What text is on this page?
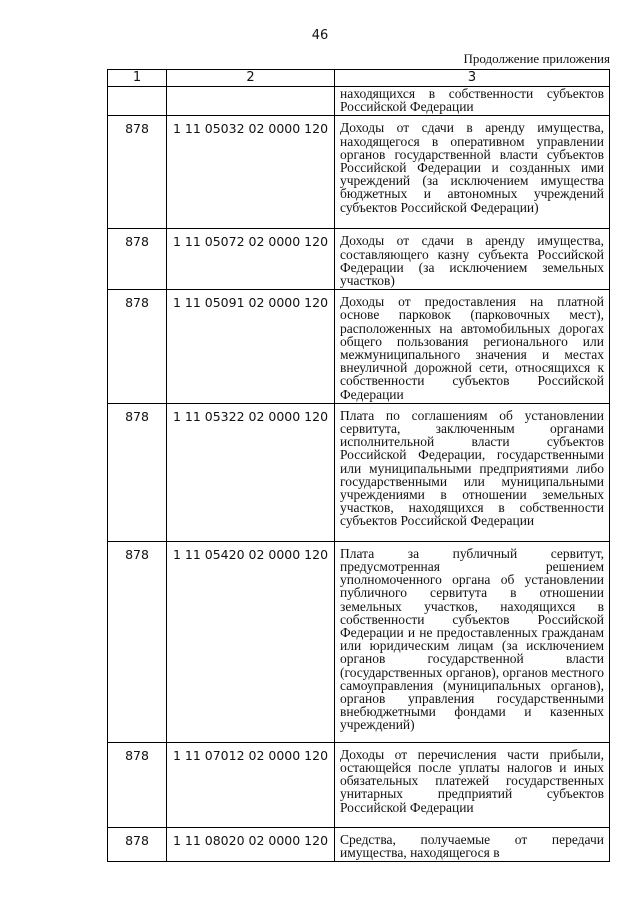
46
Продолжение приложения
1	2	3

		находящихся в собственности субъектов Российской Федерации

878	1 11 05032 02 0000 120	Доходы от сдачи в аренду имущества, находящегося в оперативном управлении органов государственной власти субъектов Российской Федерации и созданных ими учреждений (за исключением имущества бюджетных и автономных учреждений субъектов Российской Федерации)

878	1 11 05072 02 0000 120	Доходы от сдачи в аренду имущества, составляющего казну субъекта Российской Федерации (за исключением земельных участков)

878	1 11 05091 02 0000 120	Доходы от предоставления на платной основе парковок (парковочных мест), расположенных на автомобильных дорогах общего пользования регионального или межмуниципального значения и местах внеуличной дорожной сети, относящихся к собственности субъектов Российской Федерации

878	1 11 05322 02 0000 120	Плата по соглашениям об установлении сервитута, заключенным органами исполнительной власти субъектов Российской Федерации, государственными или муниципальными предприятиями либо государственными или муниципальными учреждениями в отношении земельных участков, находящихся в собственности субъектов Российской Федерации

878	1 11 05420 02 0000 120	Плата за публичный сервитут, предусмотренная решением уполномоченного органа об установлении публичного сервитута в отношении земельных участков, находящихся в собственности субъектов Российской Федерации и не предоставленных гражданам или юридическим лицам (за исключением органов государственной власти (государственных органов), органов местного самоуправления (муниципальных органов), органов управления государственными внебюджетными фондами и казенных учреждений)

878	1 11 07012 02 0000 120	Доходы от перечисления части прибыли, остающейся после уплаты налогов и иных обязательных платежей государственных унитарных предприятий субъектов Российской Федерации

878	1 11 08020 02 0000 120	Средства, получаемые от передачи имущества, находящегося в
